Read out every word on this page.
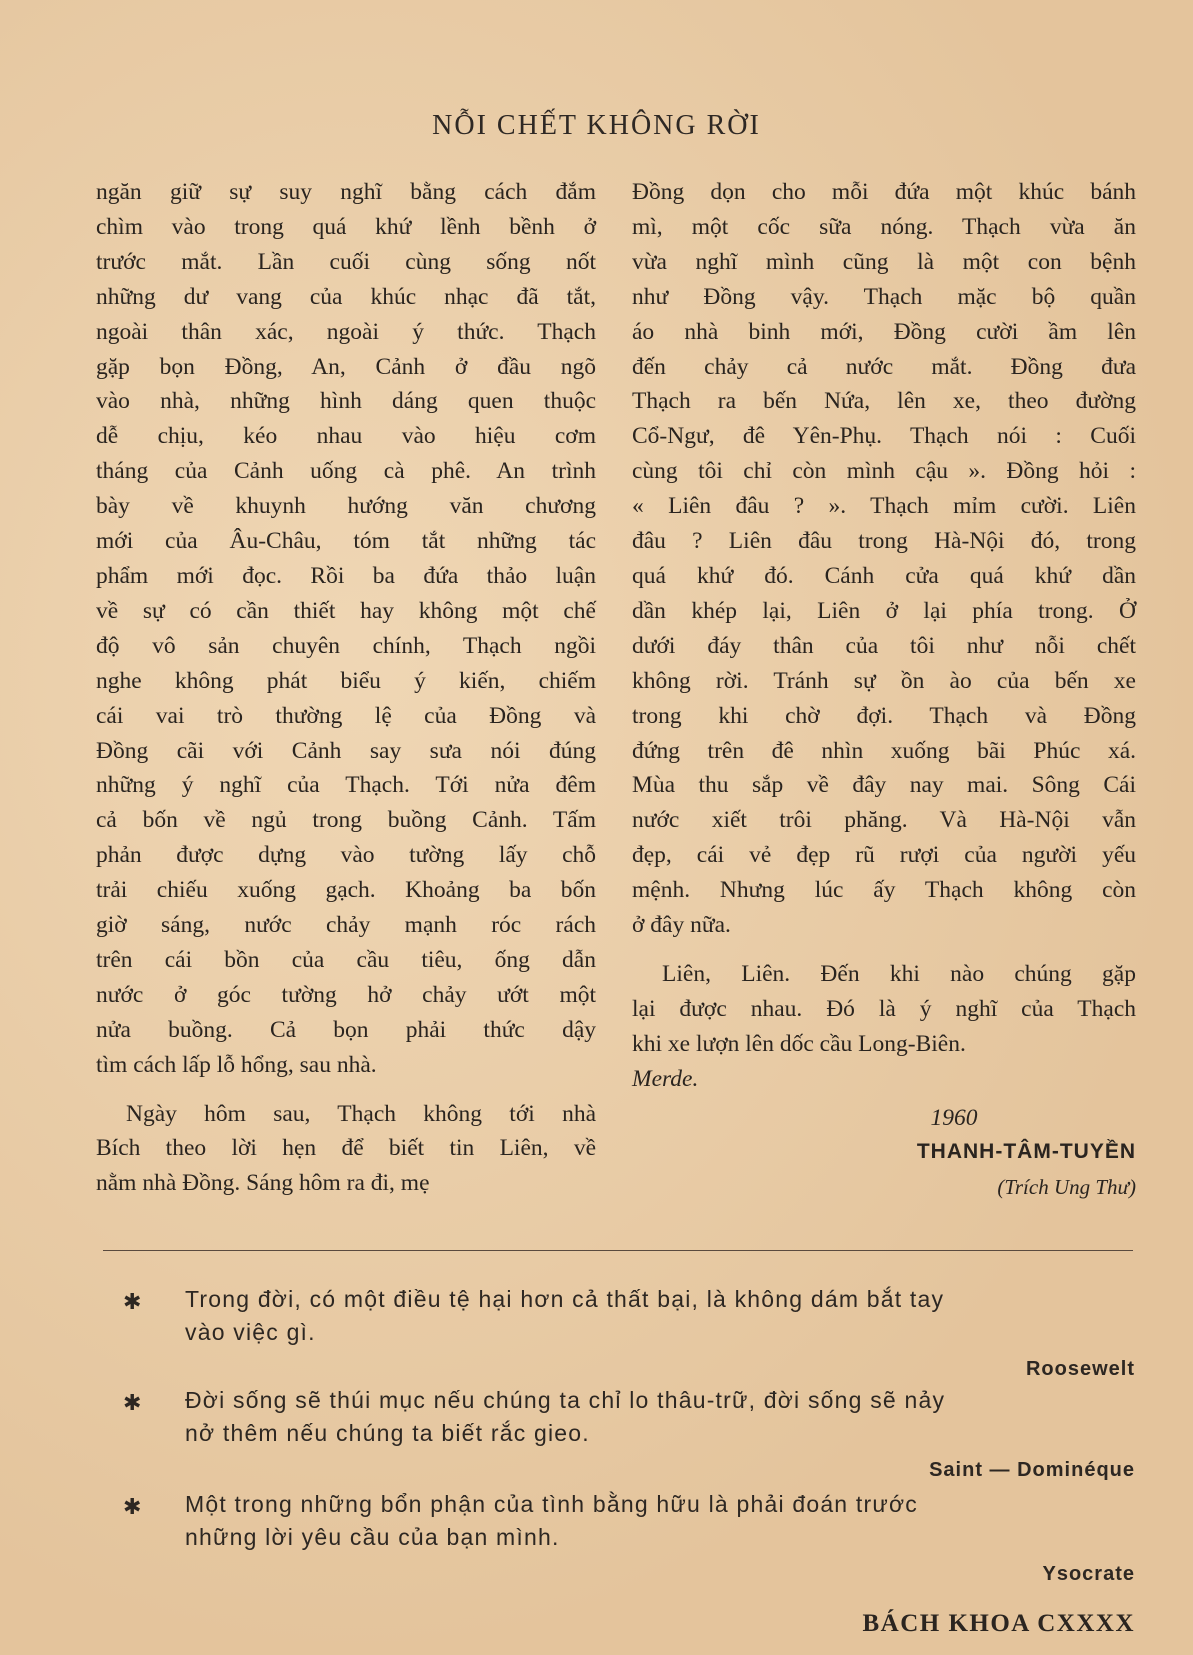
NỖI CHẾT KHÔNG RỜI
ngăn giữ sự suy nghĩ bằng cách đắm
chìm vào trong quá khứ lềnh bềnh ở
trước mắt. Lần cuối cùng sống nốt
những dư vang của khúc nhạc đã tắt,
ngoài thân xác, ngoài ý thức. Thạch
gặp bọn Đồng, An, Cảnh ở đầu ngõ
vào nhà, những hình dáng quen thuộc
dễ chịu, kéo nhau vào hiệu cơm
tháng của Cảnh uống cà phê. An trình
bày về khuynh hướng văn chương
mới của Âu-Châu, tóm tắt những tác
phẩm mới đọc. Rồi ba đứa thảo luận
về sự có cần thiết hay không một chế
độ vô sản chuyên chính, Thạch ngồi
nghe không phát biểu ý kiến, chiếm
cái vai trò thường lệ của Đồng và
Đồng cãi với Cảnh say sưa nói đúng
những ý nghĩ của Thạch. Tới nửa đêm
cả bốn về ngủ trong buồng Cảnh. Tấm
phản được dựng vào tường lấy chỗ
trải chiếu xuống gạch. Khoảng ba bốn
giờ sáng, nước chảy mạnh róc rách
trên cái bồn của cầu tiêu, ống dẫn
nước ở góc tường hở chảy ướt một
nửa buồng. Cả bọn phải thức dậy
tìm cách lấp lỗ hổng, sau nhà.
Ngày hôm sau, Thạch không tới nhà
Bích theo lời hẹn để biết tin Liên, về
nằm nhà Đồng. Sáng hôm ra đi, mẹ
Đồng dọn cho mỗi đứa một khúc bánh
mì, một cốc sữa nóng. Thạch vừa ăn
vừa nghĩ mình cũng là một con bệnh
như Đồng vậy. Thạch mặc bộ quần
áo nhà binh mới, Đồng cười ầm lên
đến chảy cả nước mắt. Đồng đưa
Thạch ra bến Nứa, lên xe, theo đường
Cổ-Ngư, đê Yên-Phụ. Thạch nói : Cuối
cùng tôi chỉ còn mình cậu ». Đồng hỏi :
« Liên đâu ? ». Thạch mỉm cười. Liên
đâu ? Liên đâu trong Hà-Nội đó, trong
quá khứ đó. Cánh cửa quá khứ dần
dần khép lại, Liên ở lại phía trong. Ở
dưới đáy thân của tôi như nỗi chết
không rời. Tránh sự ồn ào của bến xe
trong khi chờ đợi. Thạch và Đồng
đứng trên đê nhìn xuống bãi Phúc xá.
Mùa thu sắp về đây nay mai. Sông Cái
nước xiết trôi phăng. Và Hà-Nội vẫn
đẹp, cái vẻ đẹp rũ rượi của người yếu
mệnh. Nhưng lúc ấy Thạch không còn
ở đây nữa.
Liên, Liên. Đến khi nào chúng gặp
lại được nhau. Đó là ý nghĩ của Thạch
khi xe lượn lên dốc cầu Long-Biên.
Merde.
1960
THANH-TÂM-TUYỀN
(Trích Ung Thư)
✱	Trong đời, có một điều tệ hại hơn cả thất bại, là không dám bắt tay
vào việc gì.
Roosewelt
✱	Đời sống sẽ thúi mục nếu chúng ta chỉ lo thâu-trữ, đời sống sẽ nảy
nở thêm nếu chúng ta biết rắc gieo.
Saint — Dominéque
✱	Một trong những bổn phận của tình bằng hữu là phải đoán trước
những lời yêu cầu của bạn mình.
Ysocrate
BÁCH KHOA CXXXX
